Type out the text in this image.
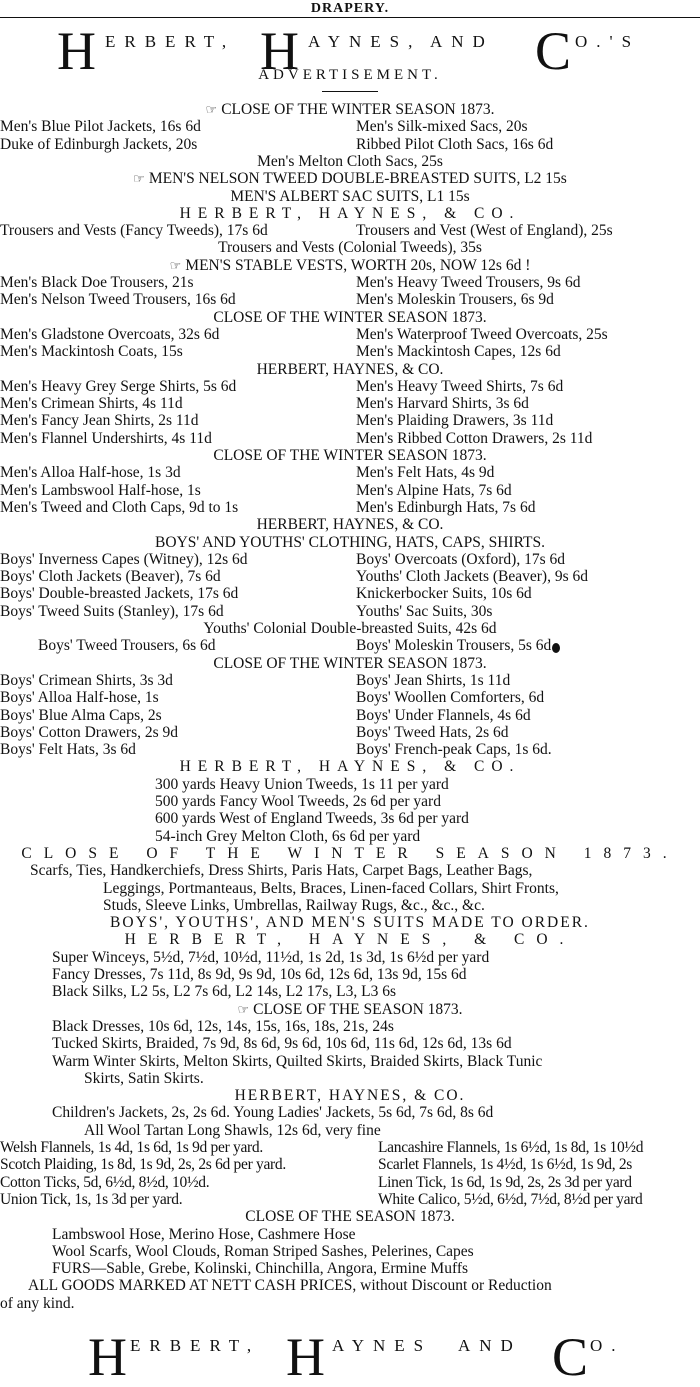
DRAPERY.
H ERBERT, H AYNES, AND C O.'S
ADVERTISEMENT.
☞ CLOSE OF THE WINTER SEASON 1873.
Men's Blue Pilot Jackets, 16s 6d	Men's Silk-mixed Sacs, 20s
Duke of Edinburgh Jackets, 20s	Ribbed Pilot Cloth Sacs, 16s 6d
Men's Melton Cloth Sacs, 25s
☞ MEN'S NELSON TWEED DOUBLE-BREASTED SUITS, L2 15s
MEN'S ALBERT SAC SUITS, L1 15s
HERBERT, HAYNES, & CO.
Trousers and Vests (Fancy Tweeds), 17s 6d	Trousers and Vest (West of England), 25s
Trousers and Vests (Colonial Tweeds), 35s
☞ MEN'S STABLE VESTS, WORTH 20s, NOW 12s 6d !
Men's Black Doe Trousers, 21s	Men's Heavy Tweed Trousers, 9s 6d
Men's Nelson Tweed Trousers, 16s 6d	Men's Moleskin Trousers, 6s 9d
CLOSE OF THE WINTER SEASON 1873.
Men's Gladstone Overcoats, 32s 6d	Men's Waterproof Tweed Overcoats, 25s
Men's Mackintosh Coats, 15s	Men's Mackintosh Capes, 12s 6d
HERBERT, HAYNES, & CO.
Men's Heavy Grey Serge Shirts, 5s 6d	Men's Heavy Tweed Shirts, 7s 6d
Men's Crimean Shirts, 4s 11d	Men's Harvard Shirts, 3s 6d
Men's Fancy Jean Shirts, 2s 11d	Men's Plaiding Drawers, 3s 11d
Men's Flannel Undershirts, 4s 11d	Men's Ribbed Cotton Drawers, 2s 11d
CLOSE OF THE WINTER SEASON 1873.
Men's Alloa Half-hose, 1s 3d	Men's Felt Hats, 4s 9d
Men's Lambswool Half-hose, 1s	Men's Alpine Hats, 7s 6d
Men's Tweed and Cloth Caps, 9d to 1s	Men's Edinburgh Hats, 7s 6d
HERBERT, HAYNES, & CO.
BOYS' AND YOUTHS' CLOTHING, HATS, CAPS, SHIRTS.
Boys' Inverness Capes (Witney), 12s 6d	Boys' Overcoats (Oxford), 17s 6d
Boys' Cloth Jackets (Beaver), 7s 6d	Youths' Cloth Jackets (Beaver), 9s 6d
Boys' Double-breasted Jackets, 17s 6d	Knickerbocker Suits, 10s 6d
Boys' Tweed Suits (Stanley), 17s 6d	Youths' Sac Suits, 30s
Youths' Colonial Double-breasted Suits, 42s 6d
Boys' Tweed Trousers, 6s 6d	Boys' Moleskin Trousers, 5s 6d
CLOSE OF THE WINTER SEASON 1873.
Boys' Crimean Shirts, 3s 3d	Boys' Jean Shirts, 1s 11d
Boys' Alloa Half-hose, 1s	Boys' Woollen Comforters, 6d
Boys' Blue Alma Caps, 2s	Boys' Under Flannels, 4s 6d
Boys' Cotton Drawers, 2s 9d	Boys' Tweed Hats, 2s 6d
Boys' Felt Hats, 3s 6d	Boys' French-peak Caps, 1s 6d.
HERBERT, HAYNES, & CO.
300 yards Heavy Union Tweeds, 1s 11 per yard
500 yards Fancy Wool Tweeds, 2s 6d per yard
600 yards West of England Tweeds, 3s 6d per yard
54-inch Grey Melton Cloth, 6s 6d per yard
CLOSE OF THE WINTER SEASON 1873.
Scarfs, Ties, Handkerchiefs, Dress Shirts, Paris Hats, Carpet Bags, Leather Bags,
Leggings, Portmanteaus, Belts, Braces, Linen-faced Collars, Shirt Fronts,
Studs, Sleeve Links, Umbrellas, Railway Rugs, &c., &c., &c.
BOYS', YOUTHS', AND MEN'S SUITS MADE TO ORDER.
HERBERT, HAYNES, & CO.
Super Winceys, 5½d, 7½d, 10½d, 11½d, 1s 2d, 1s 3d, 1s 6½d per yard
Fancy Dresses, 7s 11d, 8s 9d, 9s 9d, 10s 6d, 12s 6d, 13s 9d, 15s 6d
Black Silks, L2 5s, L2 7s 6d, L2 14s, L2 17s, L3, L3 6s
☞ CLOSE OF THE SEASON 1873.
Black Dresses, 10s 6d, 12s, 14s, 15s, 16s, 18s, 21s, 24s
Tucked Skirts, Braided, 7s 9d, 8s 6d, 9s 6d, 10s 6d, 11s 6d, 12s 6d, 13s 6d
Warm Winter Skirts, Melton Skirts, Quilted Skirts, Braided Skirts, Black Tunic
Skirts, Satin Skirts.
HERBERT, HAYNES, & CO.
Children's Jackets, 2s, 2s 6d. Young Ladies' Jackets, 5s 6d, 7s 6d, 8s 6d
All Wool Tartan Long Shawls, 12s 6d, very fine
Welsh Flannels, 1s 4d, 1s 6d, 1s 9d per yard.	Lancashire Flannels, 1s 6½d, 1s 8d, 1s 10½d
Scotch Plaiding, 1s 8d, 1s 9d, 2s, 2s 6d per yard.	Scarlet Flannels, 1s 4½d, 1s 6½d, 1s 9d, 2s
Cotton Ticks, 5d, 6½d, 8½d, 10½d.	Linen Tick, 1s 6d, 1s 9d, 2s, 2s 3d per yard
Union Tick, 1s, 1s 3d per yard.	White Calico, 5½d, 6½d, 7½d, 8½d per yard
CLOSE OF THE SEASON 1873.
Lambswool Hose, Merino Hose, Cashmere Hose
Wool Scarfs, Wool Clouds, Roman Striped Sashes, Pelerines, Capes
FURS—Sable, Grebe, Kolinski, Chinchilla, Angora, Ermine Muffs
ALL GOODS MARKED AT NETT CASH PRICES, without Discount or Reduction
of any kind.
H ERBERT, H AYNES AND C O.
